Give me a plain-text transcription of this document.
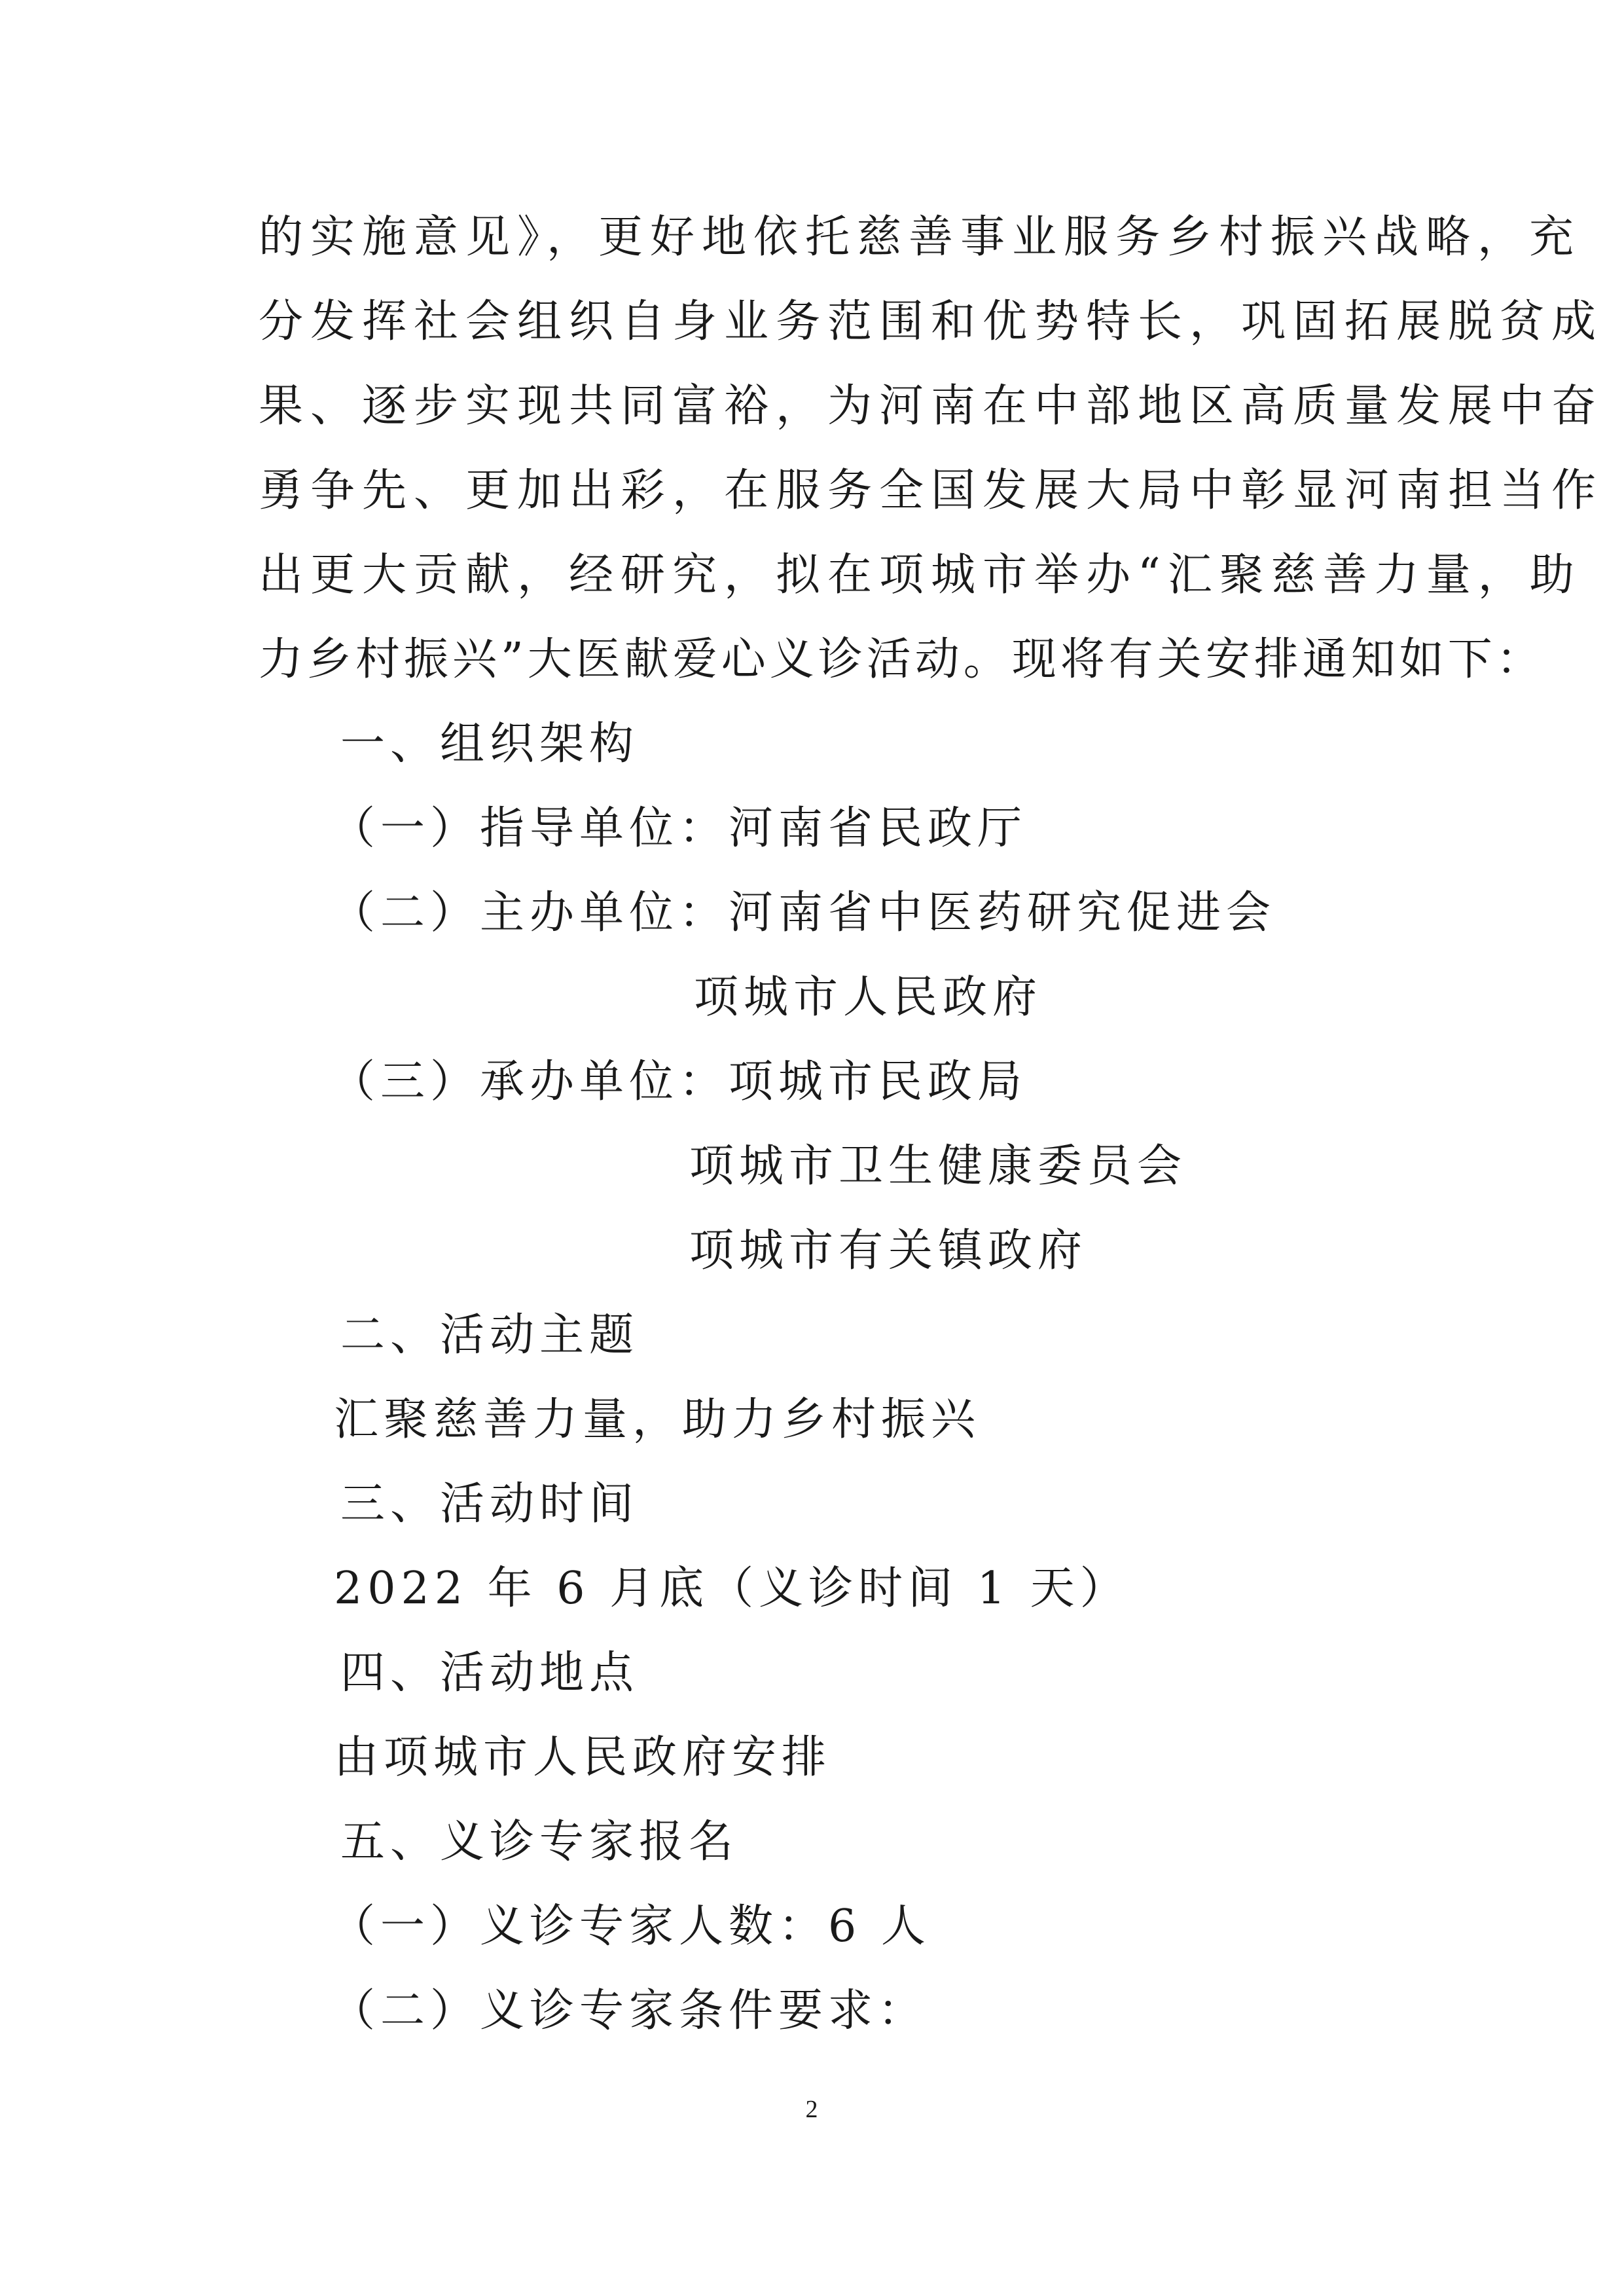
的实施意见》，更好地依托慈善事业服务乡村振兴战略，充
分发挥社会组织自身业务范围和优势特长，巩固拓展脱贫成
果、逐步实现共同富裕，为河南在中部地区高质量发展中奋
勇争先、更加出彩，在服务全国发展大局中彰显河南担当作
出更大贡献，经研究，拟在项城市举办“汇聚慈善力量，助
力乡村振兴”大医献爱心义诊活动。现将有关安排通知如下：
一、组织架构
（一）指导单位：河南省民政厅
（二）主办单位：河南省中医药研究促进会
项城市人民政府
（三）承办单位：项城市民政局
项城市卫生健康委员会
项城市有关镇政府
二、活动主题
汇聚慈善力量，助力乡村振兴
三、活动时间
2022 年 6 月底（义诊时间 1 天）
四、活动地点
由项城市人民政府安排
五、义诊专家报名
（一）义诊专家人数：6 人
（二）义诊专家条件要求：
2
